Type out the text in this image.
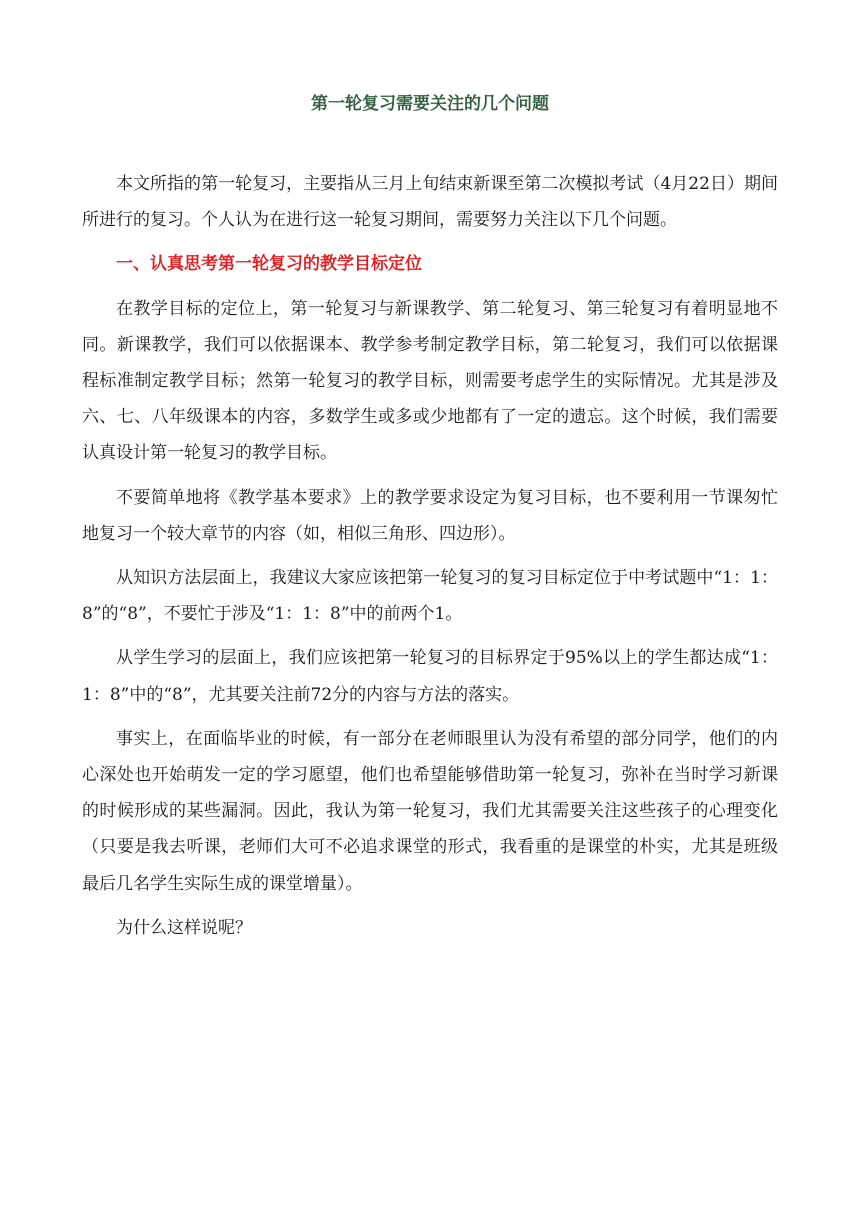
第一轮复习需要关注的几个问题

本文所指的第一轮复习，主要指从三月上旬结束新课至第二次模拟考试（4月22日）期间所进行的复习。个人认为在进行这一轮复习期间，需要努力关注以下几个问题。

一、认真思考第一轮复习的教学目标定位

在教学目标的定位上，第一轮复习与新课教学、第二轮复习、第三轮复习有着明显地不同。新课教学，我们可以依据课本、教学参考制定教学目标，第二轮复习，我们可以依据课程标准制定教学目标；然第一轮复习的教学目标，则需要考虑学生的实际情况。尤其是涉及六、七、八年级课本的内容，多数学生或多或少地都有了一定的遗忘。这个时候，我们需要认真设计第一轮复习的教学目标。

不要简单地将《教学基本要求》上的教学要求设定为复习目标，也不要利用一节课匆忙地复习一个较大章节的内容（如，相似三角形、四边形）。

从知识方法层面上，我建议大家应该把第一轮复习的复习目标定位于中考试题中“1：1：8”的“8”，不要忙于涉及“1：1：8”中的前两个1。

从学生学习的层面上，我们应该把第一轮复习的目标界定于95%以上的学生都达成“1：1：8”中的“8”，尤其要关注前72分的内容与方法的落实。

事实上，在面临毕业的时候，有一部分在老师眼里认为没有希望的部分同学，他们的内心深处也开始萌发一定的学习愿望，他们也希望能够借助第一轮复习，弥补在当时学习新课的时候形成的某些漏洞。因此，我认为第一轮复习，我们尤其需要关注这些孩子的心理变化（只要是我去听课，老师们大可不必追求课堂的形式，我看重的是课堂的朴实，尤其是班级最后几名学生实际生成的课堂增量）。

为什么这样说呢？
